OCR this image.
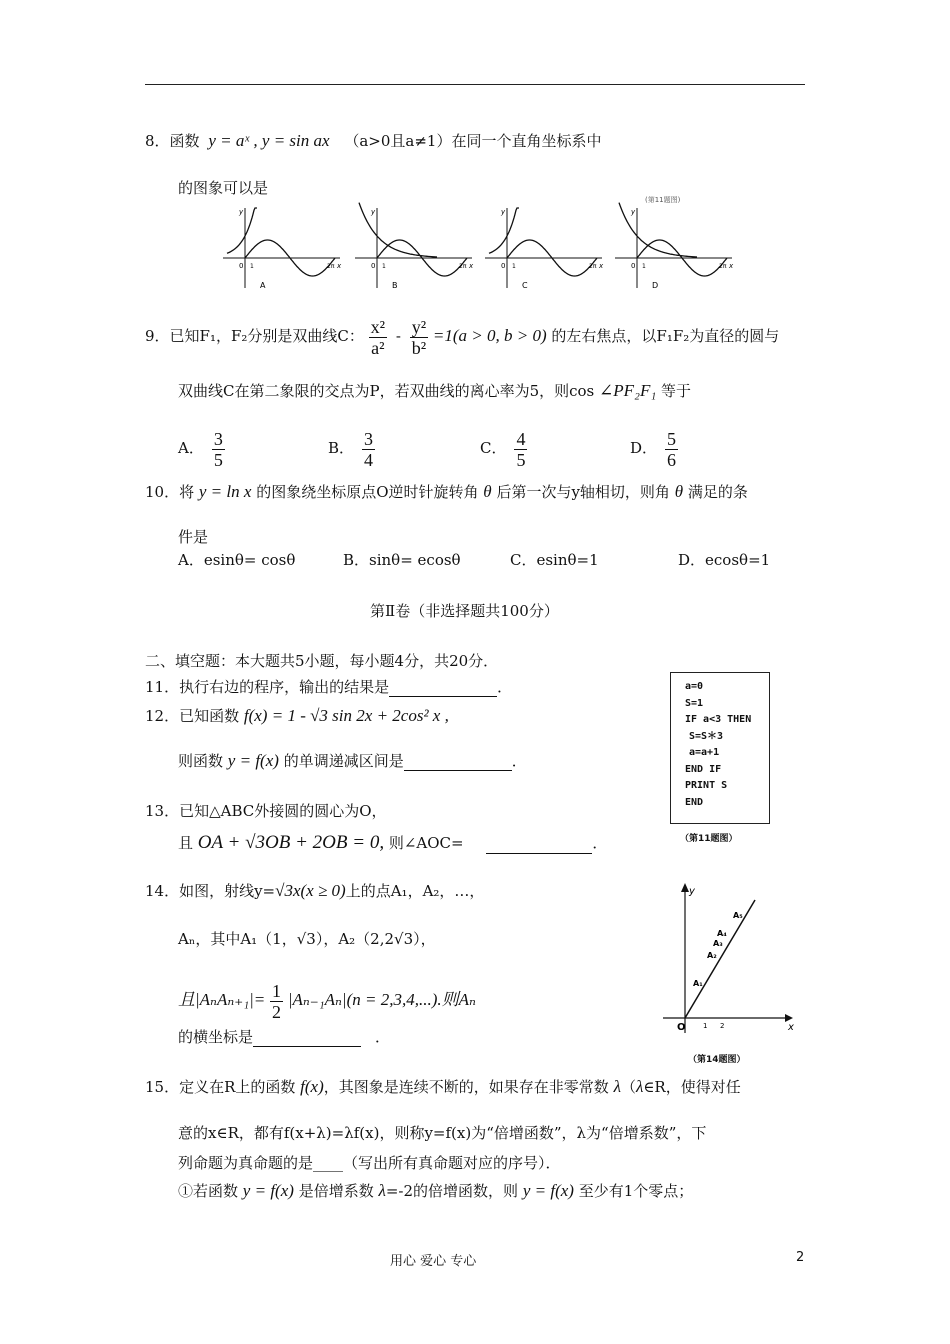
8．函数 y = aˣ , y = sin ax （a>0且a≠1）在同一个直角坐标系中
的图象可以是
A
y
x
0 1	2π
B
y
x
0 1	2π
C
y
x
0 1	2π
D
y
x
0 1	2π
(第11题图)
9．已知F₁，F₂分别是双曲线C： $\frac{\text{x²}}{\text{a²}} - \frac{\text{y²}}{\text{b²}} =1(a > 0$, b > 0) 的左右焦点，以F₁F₂为直径的圆与
双曲线C在第二象限的交点为P，若双曲线的离心率为5，则cos ∠PF₂F₁ 等于
A． $\frac{3}{5}$	B． $\frac{3}{4}$	C． $\frac{4}{5}$	D． $\frac{5}{6}$
10．将 y = ln x 的图象绕坐标原点O逆时针旋转角 θ 后第一次与y轴相切，则角 θ 满足的条
件是
A．esinθ= cosθ	B．sinθ= ecosθ	C．esinθ=1	D．ecosθ=1
第Ⅱ卷（非选择题共100分）
二、填空题：本大题共5小题，每小题4分，共20分．
11．执行右边的程序，输出的结果是	．	a=0
S=1
IF a<3 THEN
S=S＊3
a=a+1
END IF
PRINT S
END
（第11题图）
12．已知函数 f(x) = 1 - √3 sin 2x + 2cos² x ,
则函数 y = f(x) 的单调递减区间是	．
13．已知△ABC外接圆的圆心为O，
且 OA + √3OB + 2OB = 0, 则∠AOC=	．
14．如图，射线y=√3x(x ≥ 0)上的点A₁，A₂，…，
Aₙ，其中A₁（1，√3），A₂（2,2√3），
且$|A_nA_{n+1}|= \frac{1}{2} |A_{n-1}A_n|(n = 2,3,4,...)$.则Aₙ
的横坐标是	．
x
y
O 1 2
A₁
A₂
A₃
A₄
A₅
（第14题图）
15．定义在R上的函数 f(x)，其图象是连续不断的，如果存在非零常数 λ（λ∈R，使得对任
意的x∈R，都有f(x+λ)=λf(x)，则称y=f(x)为“倍增函数”，λ为“倍增系数”，下
列命题为真命题的是____（写出所有真命题对应的序号）．
①若函数 y = f(x) 是倍增系数 λ=-2的倍增函数，则 y = f(x) 至少有1个零点；
用心 爱心 专心	2
